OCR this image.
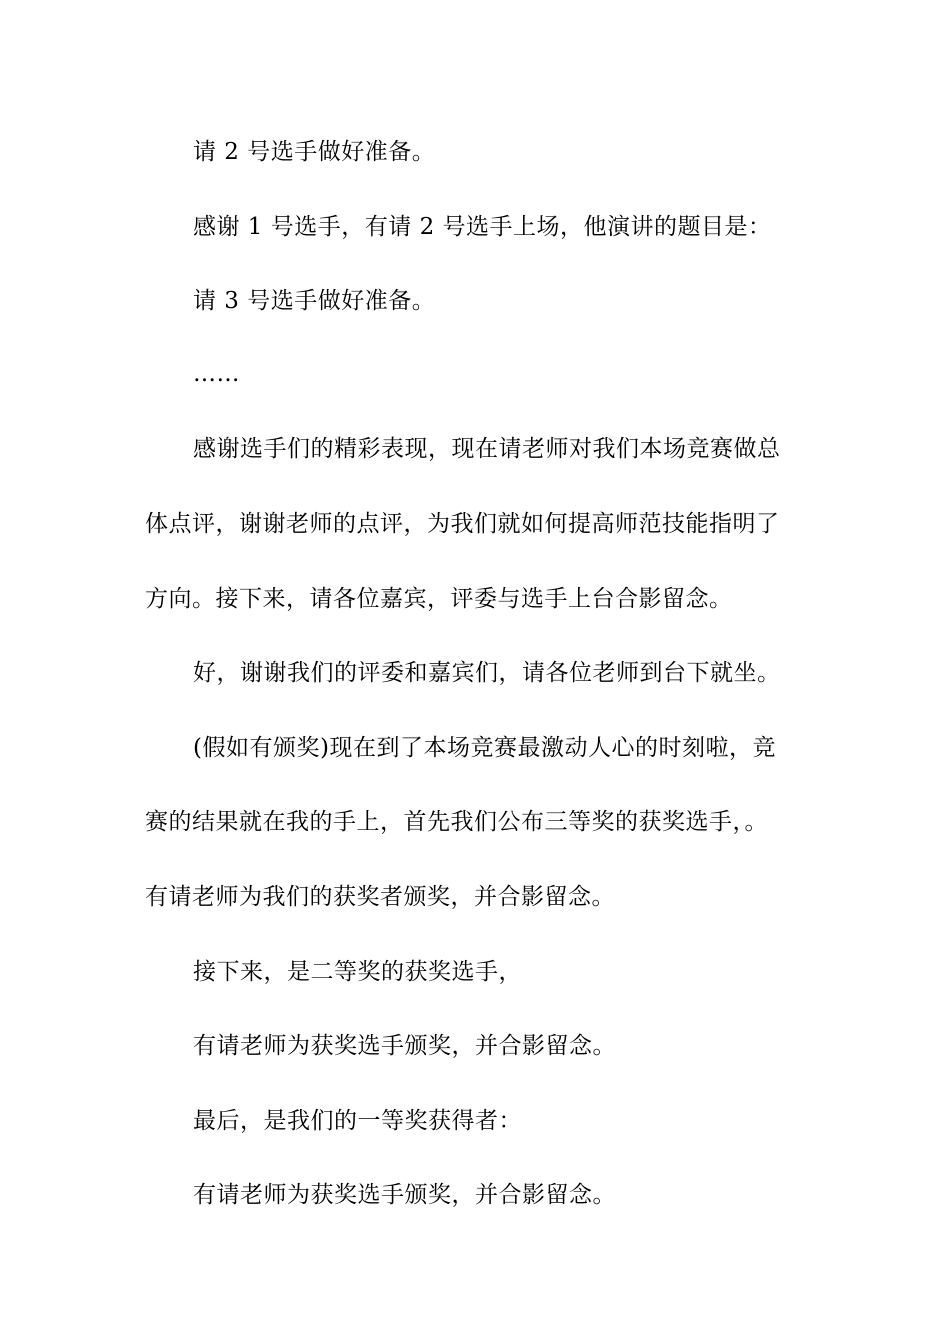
请 2 号选手做好准备。
感谢 1 号选手，有请 2 号选手上场，他演讲的题目是：
请 3 号选手做好准备。
……
感谢选手们的精彩表现，现在请老师对我们本场竞赛做总
体点评，谢谢老师的点评，为我们就如何提高师范技能指明了
方向。接下来，请各位嘉宾，评委与选手上台合影留念。
好，谢谢我们的评委和嘉宾们，请各位老师到台下就坐。
(假如有颁奖)现在到了本场竞赛最激动人心的时刻啦，竞
赛的结果就在我的手上，首先我们公布三等奖的获奖选手，。
有请老师为我们的获奖者颁奖，并合影留念。
接下来，是二等奖的获奖选手，
有请老师为获奖选手颁奖，并合影留念。
最后，是我们的一等奖获得者：
有请老师为获奖选手颁奖，并合影留念。
